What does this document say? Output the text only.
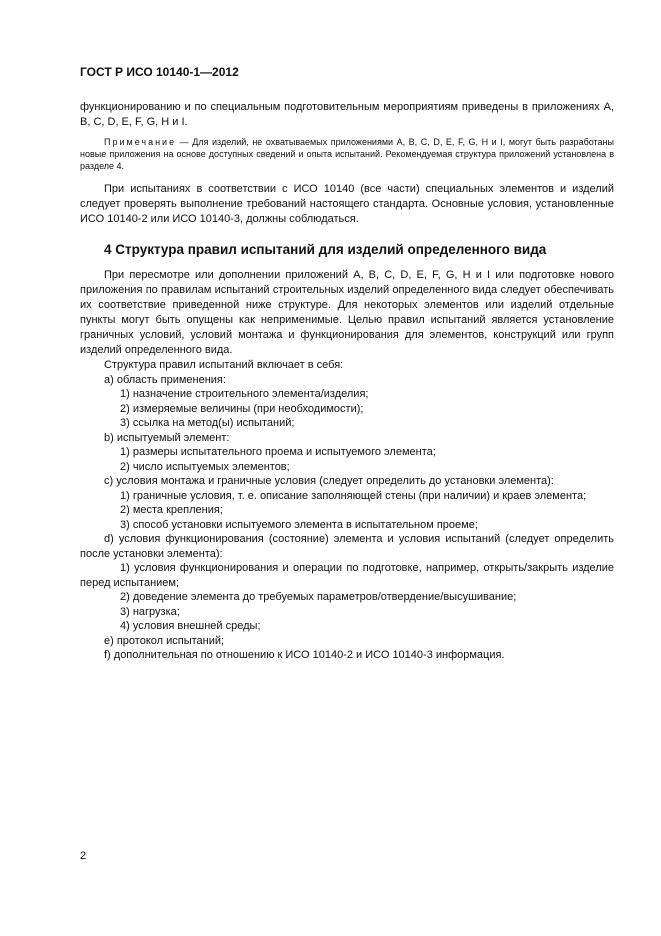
ГОСТ Р ИСО 10140-1—2012

функционированию и по специальным подготовительным мероприятиям приведены в приложениях А, В, С, D, E, F, G, Н и I.

Примечание — Для изделий, не охватываемых приложениями А, В, С, D, Е, F, G, Н и I, могут быть разработаны новые приложения на основе доступных сведений и опыта испытаний. Рекомендуемая структура приложений установлена в разделе 4.

При испытаниях в соответствии с ИСО 10140 (все части) специальных элементов и изделий следует проверять выполнение требований настоящего стандарта. Основные условия, установленные ИСО 10140-2 или ИСО 10140-3, должны соблюдаться.

4 Структура правил испытаний для изделий определенного вида

При пересмотре или дополнении приложений А, В, С, D, Е, F, G, Н и I или подготовке нового приложения по правилам испытаний строительных изделий определенного вида следует обеспечивать их соответствие приведенной ниже структуре. Для некоторых элементов или изделий отдельные пункты могут быть опущены как неприменимые. Целью правил испытаний является установление граничных условий, условий монтажа и функционирования для элементов, конструкций или групп изделий определенного вида.

Структура правил испытаний включает в себя:

а) область применения:

1) назначение строительного элемента/изделия;

2) измеряемые величины (при необходимости);

3) ссылка на метод(ы) испытаний;

b) испытуемый элемент:

1) размеры испытательного проема и испытуемого элемента;

2) число испытуемых элементов;

с) условия монтажа и граничные условия (следует определить до установки элемента):

1) граничные условия, т. е. описание заполняющей стены (при наличии) и краев элемента;

2) места крепления;

3) способ установки испытуемого элемента в испытательном проеме;

d) условия функционирования (состояние) элемента и условия испытаний (следует определить после установки элемента):

1) условия функционирования и операции по подготовке, например, открыть/закрыть изделие перед испытанием;

2) доведение элемента до требуемых параметров/отвердение/высушивание;

3) нагрузка;

4) условия внешней среды;

е) протокол испытаний;

f) дополнительная по отношению к ИСО 10140-2 и ИСО 10140-3 информация.

2
